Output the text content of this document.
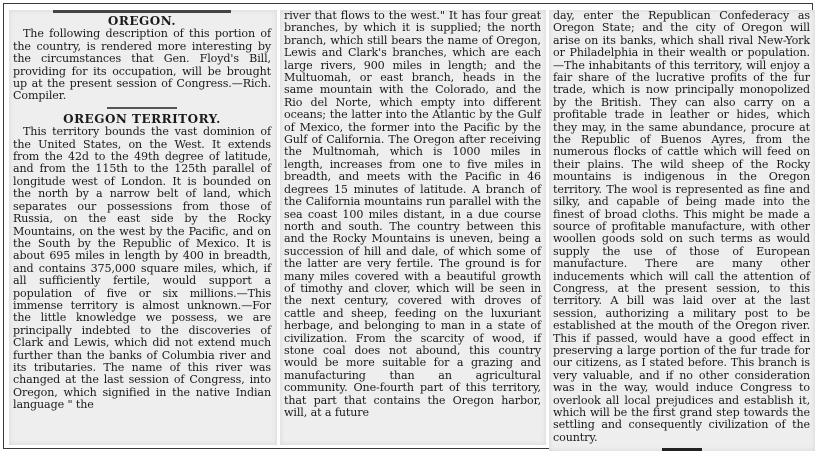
OREGON.

The following description of this portion of the country, is rendered more interesting by the circumstances that Gen. Floyd's Bill, providing for its occupation, will be brought up at the present session of Congress.—Rich. Compiler.

OREGON TERRITORY.

This territory bounds the vast dominion of the United States, on the West. It extends from the 42d to the 49th degree of latitude, and from the 115th to the 125th parallel of longitude west of London. It is bounded on the north by a narrow belt of land, which separates our possessions from those of Russia, on the east side by the Rocky Mountains, on the west by the Pacific, and on the South by the Republic of Mexico. It is about 695 miles in length by 400 in breadth, and contains 375,000 square miles, which, if all sufficiently fertile, would support a population of five or six millions.—This immense territory is almost unknown.—For the little knowledge we possess, we are principally indebted to the discoveries of Clark and Lewis, which did not extend much further than the banks of Columbia river and its tributaries. The name of this river was changed at the last session of Congress, into Oregon, which signified in the native Indian language " the

river that flows to the west." It has four great branches, by which it is supplied; the north branch, which still bears the name of Oregon, Lewis and Clark's branches, which are each large rivers, 900 miles in length; and the Multuomah, or east branch, heads in the same mountain with the Colorado, and the Rio del Norte, which empty into different oceans; the latter into the Atlantic by the Gulf of Mexico, the former into the Pacific by the Gulf of California. The Oregon after receiving the Multnomah, which is 1000 miles in length, increases from one to five miles in breadth, and meets with the Pacific in 46 degrees 15 minutes of latitude. A branch of the California mountains run parallel with the sea coast 100 miles distant, in a due course north and south. The country between this and the Rocky Mountains is uneven, being a succession of hill and dale, of which some of the latter are very fertile. The ground is for many miles covered with a beautiful growth of timothy and clover, which will be seen in the next century, covered with droves of cattle and sheep, feeding on the luxuriant herbage, and belonging to man in a state of civilization. From the scarcity of wood, if stone coal does not abound, this country would be more suitable for a grazing and manufacturing than an agricultural community. One-fourth part of this territory, that part that contains the Oregon harbor, will, at a future

day, enter the Republican Confederacy as Oregon State; and the city of Oregon will arise on its banks, which shall rival New-York or Philadelphia in their wealth or population.—The inhabitants of this territory, will enjoy a fair share of the lucrative profits of the fur trade, which is now principally monopolized by the British. They can also carry on a profitable trade in leather or hides, which they may, in the same abundance, procure at the Republic of Buenos Ayres, from the numerous flocks of cattle which will feed on their plains. The wild sheep of the Rocky mountains is indigenous in the Oregon territory. The wool is represented as fine and silky, and capable of being made into the finest of broad cloths. This might be made a source of profitable manufacture, with other woollen goods sold on such terms as would supply the use of those of European manufacture. There are many other inducements which will call the attention of Congress, at the present session, to this territory. A bill was laid over at the last session, authorizing a military post to be established at the mouth of the Oregon river. This if passed, would have a good effect in preserving a large portion of the fur trade for our citizens, as I stated before. This branch is very valuable, and if no other consideration was in the way, would induce Congress to overlook all local prejudices and establish it, which will be the first grand step towards the settling and consequently civilization of the country.
